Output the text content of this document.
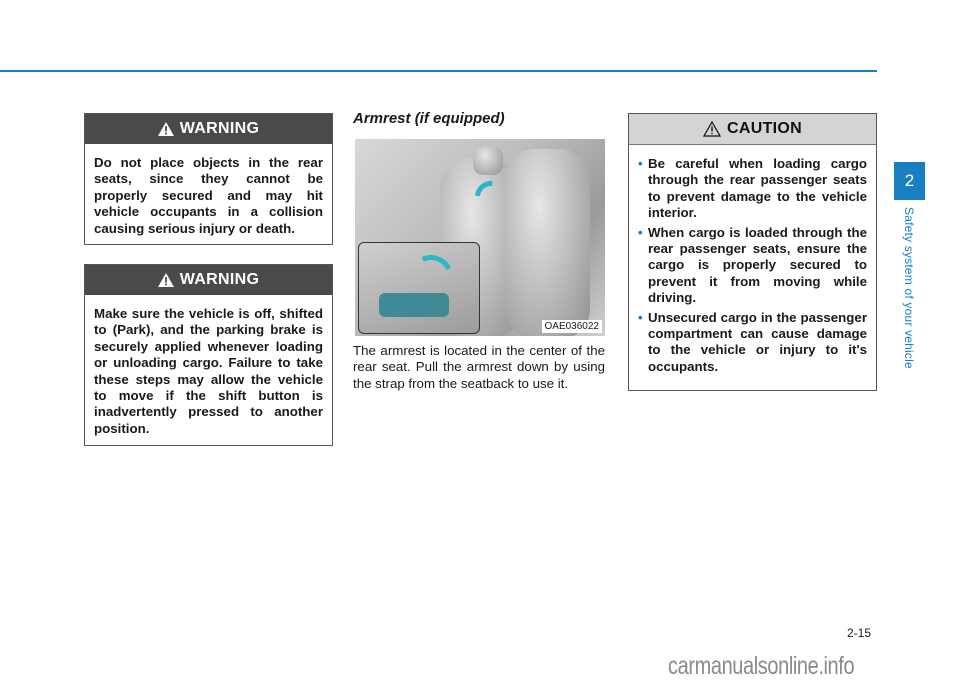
WARNING

Do not place objects in the rear seats, since they cannot be properly secured and may hit vehicle occupants in a collision causing serious injury or death.

WARNING

Make sure the vehicle is off, shifted to (Park), and the parking brake is securely applied whenever loading or unloading cargo. Failure to take these steps may allow the vehicle to move if the shift button is inadvertently pressed to another position.

Armrest (if equipped)
OAE036022
The armrest is located in the center of the rear seat. Pull the armrest down by using the strap from the seatback to use it.
CAUTION
• Be careful when loading cargo through the rear passenger seats to prevent damage to the vehicle interior.
• When cargo is loaded through the rear passenger seats, ensure the cargo is properly secured to prevent it from moving while driving.
• Unsecured cargo in the passenger compartment can cause damage to the vehicle or injury to it's occupants.
2
Safety system of your vehicle
2-15
carmanualsonline.info
